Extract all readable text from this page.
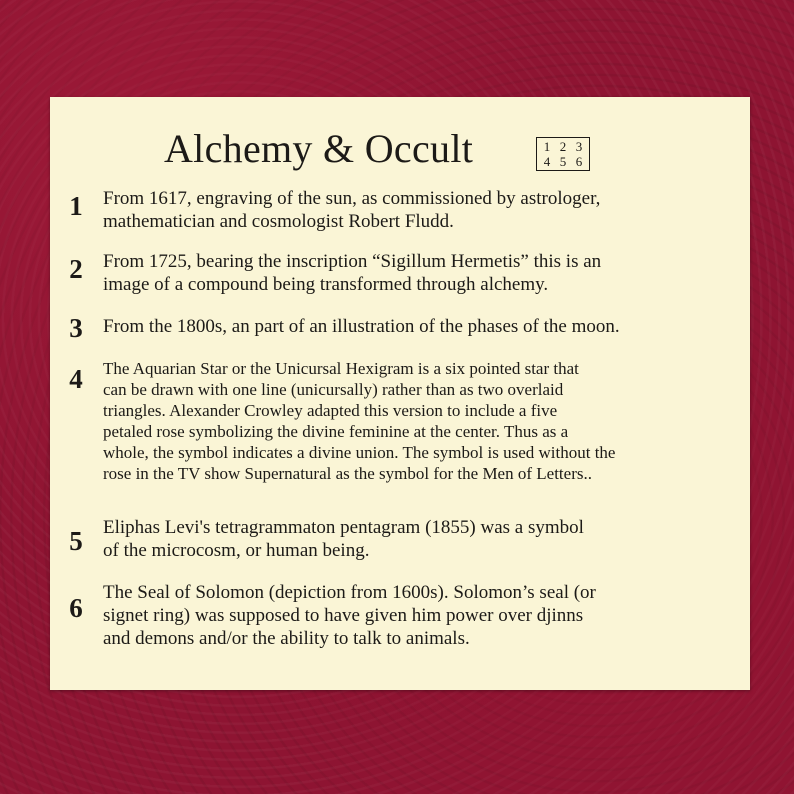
Alchemy & Occult	1 2 3
4 5 6
1 From 1617, engraving of the sun, as commissioned by astrologer,
mathematician and cosmologist Robert Fludd.
2 From 1725, bearing the inscription “Sigillum Hermetis” this is an
image of a compound being transformed through alchemy.
3 From the 1800s, an part of an illustration of the phases of the moon.
4 The Aquarian Star or the Unicursal Hexigram is a six pointed star that
can be drawn with one line (unicursally) rather than as two overlaid
triangles. Alexander Crowley adapted this version to include a five
petaled rose symbolizing the divine feminine at the center. Thus as a
whole, the symbol indicates a divine union. The symbol is used without the
rose in the TV show Supernatural as the symbol for the Men of Letters..
5 Eliphas Levi's tetragrammaton pentagram (1855) was a symbol
of the microcosm, or human being.
6
The Seal of Solomon (depiction from 1600s). Solomon’s seal (or
signet ring) was supposed to have given him power over djinns
and demons and/or the ability to talk to animals.
